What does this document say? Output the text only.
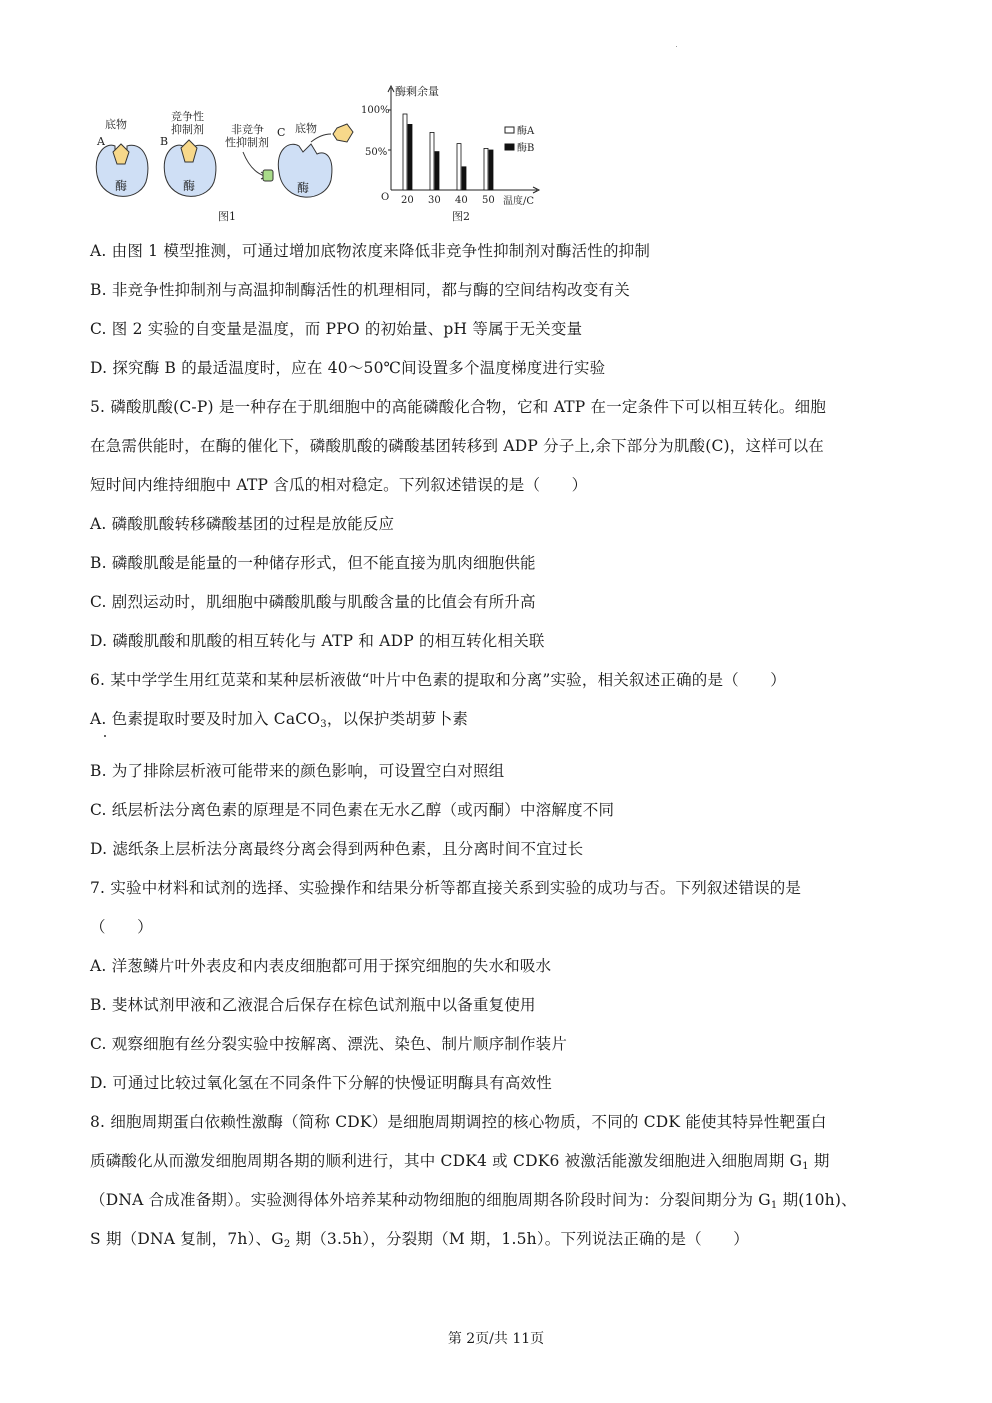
A
底物
酶
B
竞争性
抑制剂
酶
非竞争
性抑制剂
C 底物
酶
图1
酶剩余量
100%
50%
O 20 30 40 50 温度/C
酶A
酶B
图2
A. 由图 1 模型推测，可通过增加底物浓度来降低非竞争性抑制剂对酶活性的抑制
B. 非竞争性抑制剂与高温抑制酶活性的机理相同，都与酶的空间结构改变有关
C. 图 2 实验的自变量是温度，而 PPO 的初始量、pH 等属于无关变量
D. 探究酶 B 的最适温度时，应在 40～50℃间设置多个温度梯度进行实验
5. 磷酸肌酸(C-P) 是一种存在于肌细胞中的高能磷酸化合物，它和 ATP 在一定条件下可以相互转化。细胞
在急需供能时，在酶的催化下，磷酸肌酸的磷酸基团转移到 ADP 分子上,余下部分为肌酸(C)，这样可以在
短时间内维持细胞中 ATP 含瓜的相对稳定。下列叙述错误的是（　　）
A. 磷酸肌酸转移磷酸基团的过程是放能反应
B. 磷酸肌酸是能量的一种储存形式，但不能直接为肌肉细胞供能
C. 剧烈运动时，肌细胞中磷酸肌酸与肌酸含量的比值会有所升高
D. 磷酸肌酸和肌酸的相互转化与 ATP 和 ADP 的相互转化相关联
6. 某中学学生用红苋菜和某种层析液做“叶片中色素的提取和分离”实验，相关叙述正确的是（　　）
A. 色素提取时要及时加入 CaCO$_3$，以保护类胡萝卜素
B. 为了排除层析液可能带来的颜色影响，可设置空白对照组
C. 纸层析法分离色素的原理是不同色素在无水乙醇（或丙酮）中溶解度不同
D. 滤纸条上层析法分离最终分离会得到两种色素，且分离时间不宜过长
7. 实验中材料和试剂的选择、实验操作和结果分析等都直接关系到实验的成功与否。下列叙述错误的是
（　　）
A. 洋葱鳞片叶外表皮和内表皮细胞都可用于探究细胞的失水和吸水
B. 斐林试剂甲液和乙液混合后保存在棕色试剂瓶中以备重复使用
C. 观察细胞有丝分裂实验中按解离、漂洗、染色、制片顺序制作装片
D. 可通过比较过氧化氢在不同条件下分解的快慢证明酶具有高效性
8. 细胞周期蛋白依赖性激酶（简称 CDK）是细胞周期调控的核心物质，不同的 CDK 能使其特异性靶蛋白
质磷酸化从而激发细胞周期各期的顺利进行，其中 CDK4 或 CDK6 被激活能激发细胞进入细胞周期 $G_1$ 期
（DNA 合成准备期）。实验测得体外培养某种动物细胞的细胞周期各阶段时间为：分裂间期分为 $G_1$ 期(10h)、
S 期（DNA 复制，7h）、$G_2$ 期（3.5h），分裂期（M 期，1.5h）。下列说法正确的是（　　）
第 2页/共 11页
